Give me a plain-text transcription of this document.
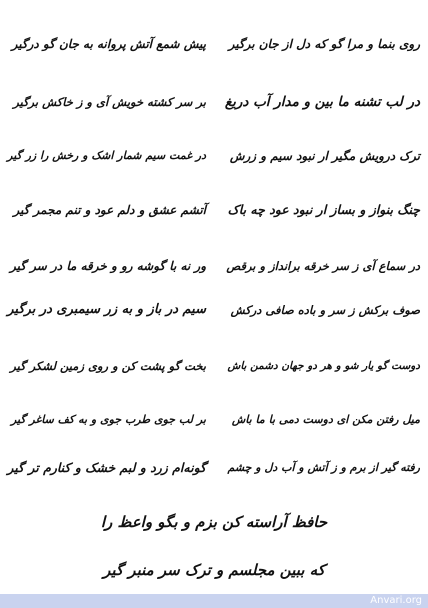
روی بنما و مرا گو که دل از جان برگیر
پیش شمع آتش پروانه به جان گو درگیر
در لب تشنه ما بین و مدار آب دریغ
بر سر کشته خویش آی و ز خاکش برگیر
ترک درویش مگیر ار نبود سیم و زرش
در غمت سیم شمار اشک و رخش را زر گیر
چنگ بنواز و بساز ار نبود عود چه باک
آتشم عشق و دلم عود و تنم مجمر گیر
در سماع آی ز سر خرقه برانداز و برقص
ور نه با گوشه رو و خرقه ما در سر گیر
صوف برکش ز سر و باده صافی درکش
سیم در باز و به زر سیمبری در برگیر
دوست گو یار شو و هر دو جهان دشمن باش
بخت گو پشت کن و روی زمین لشکر گیر
میل رفتن مکن ای دوست دمی با ما باش
بر لب جوی طرب جوی و به کف ساغر گیر
رفته گیر از برم و ز آتش و آب دل و چشم
گونه‌ام زرد و لبم خشک و کنارم تر گیر
حافظ آراسته کن بزم و بگو واعظ را
که ببین مجلسم و ترک سر منبر گیر
Anvari.org
